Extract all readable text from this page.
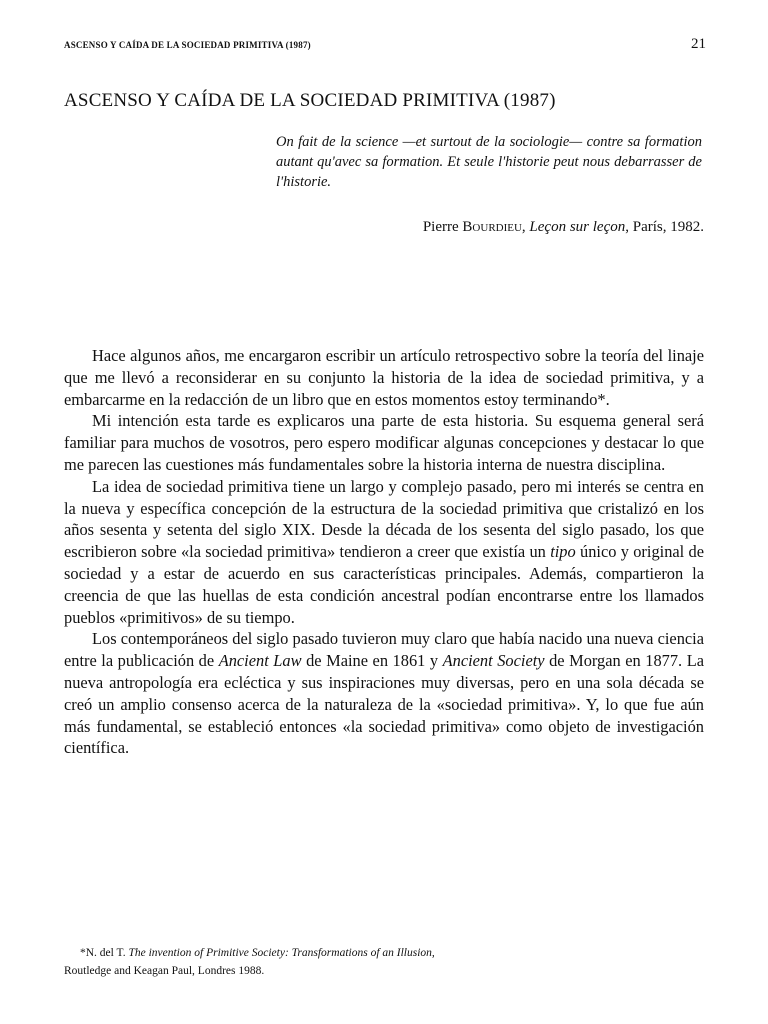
ASCENSO Y CAÍDA DE LA SOCIEDAD PRIMITIVA (1987)	21
ASCENSO Y CAÍDA DE LA SOCIEDAD PRIMITIVA (1987)
On fait de la science —et surtout de la sociologie— contre sa formation autant qu'avec sa formation. Et seule l'historie peut nous debarrasser de l'historie.
Pierre Bourdieu, Leçon sur leçon, París, 1982.

Hace algunos años, me encargaron escribir un artículo retrospectivo sobre la teoría del linaje que me llevó a reconsiderar en su conjunto la historia de la idea de sociedad primitiva, y a embarcarme en la redacción de un libro que en estos momentos estoy terminando*.

Mi intención esta tarde es explicaros una parte de esta historia. Su esquema general será familiar para muchos de vosotros, pero espero modificar algunas concepciones y destacar lo que me parecen las cuestiones más fundamentales sobre la historia interna de nuestra disciplina.

La idea de sociedad primitiva tiene un largo y complejo pasado, pero mi interés se centra en la nueva y específica concepción de la estructura de la sociedad primitiva que cristalizó en los años sesenta y setenta del siglo XIX. Desde la década de los sesenta del siglo pasado, los que escribieron sobre «la sociedad primitiva» tendieron a creer que existía un tipo único y original de sociedad y a estar de acuerdo en sus características principales. Además, compartieron la creencia de que las huellas de esta condición ancestral podían encontrarse entre los llamados pueblos «primitivos» de su tiempo.

Los contemporáneos del siglo pasado tuvieron muy claro que había nacido una nueva ciencia entre la publicación de Ancient Law de Maine en 1861 y Ancient Society de Morgan en 1877. La nueva antropología era ecléctica y sus inspiraciones muy diversas, pero en una sola década se creó un amplio consenso acerca de la naturaleza de la «sociedad primitiva». Y, lo que fue aún más fundamental, se estableció entonces «la sociedad primitiva» como objeto de investigación científica.

*N. del T. The invention of Primitive Society: Transformations of an Illusion,
Routledge and Keagan Paul, Londres 1988.
